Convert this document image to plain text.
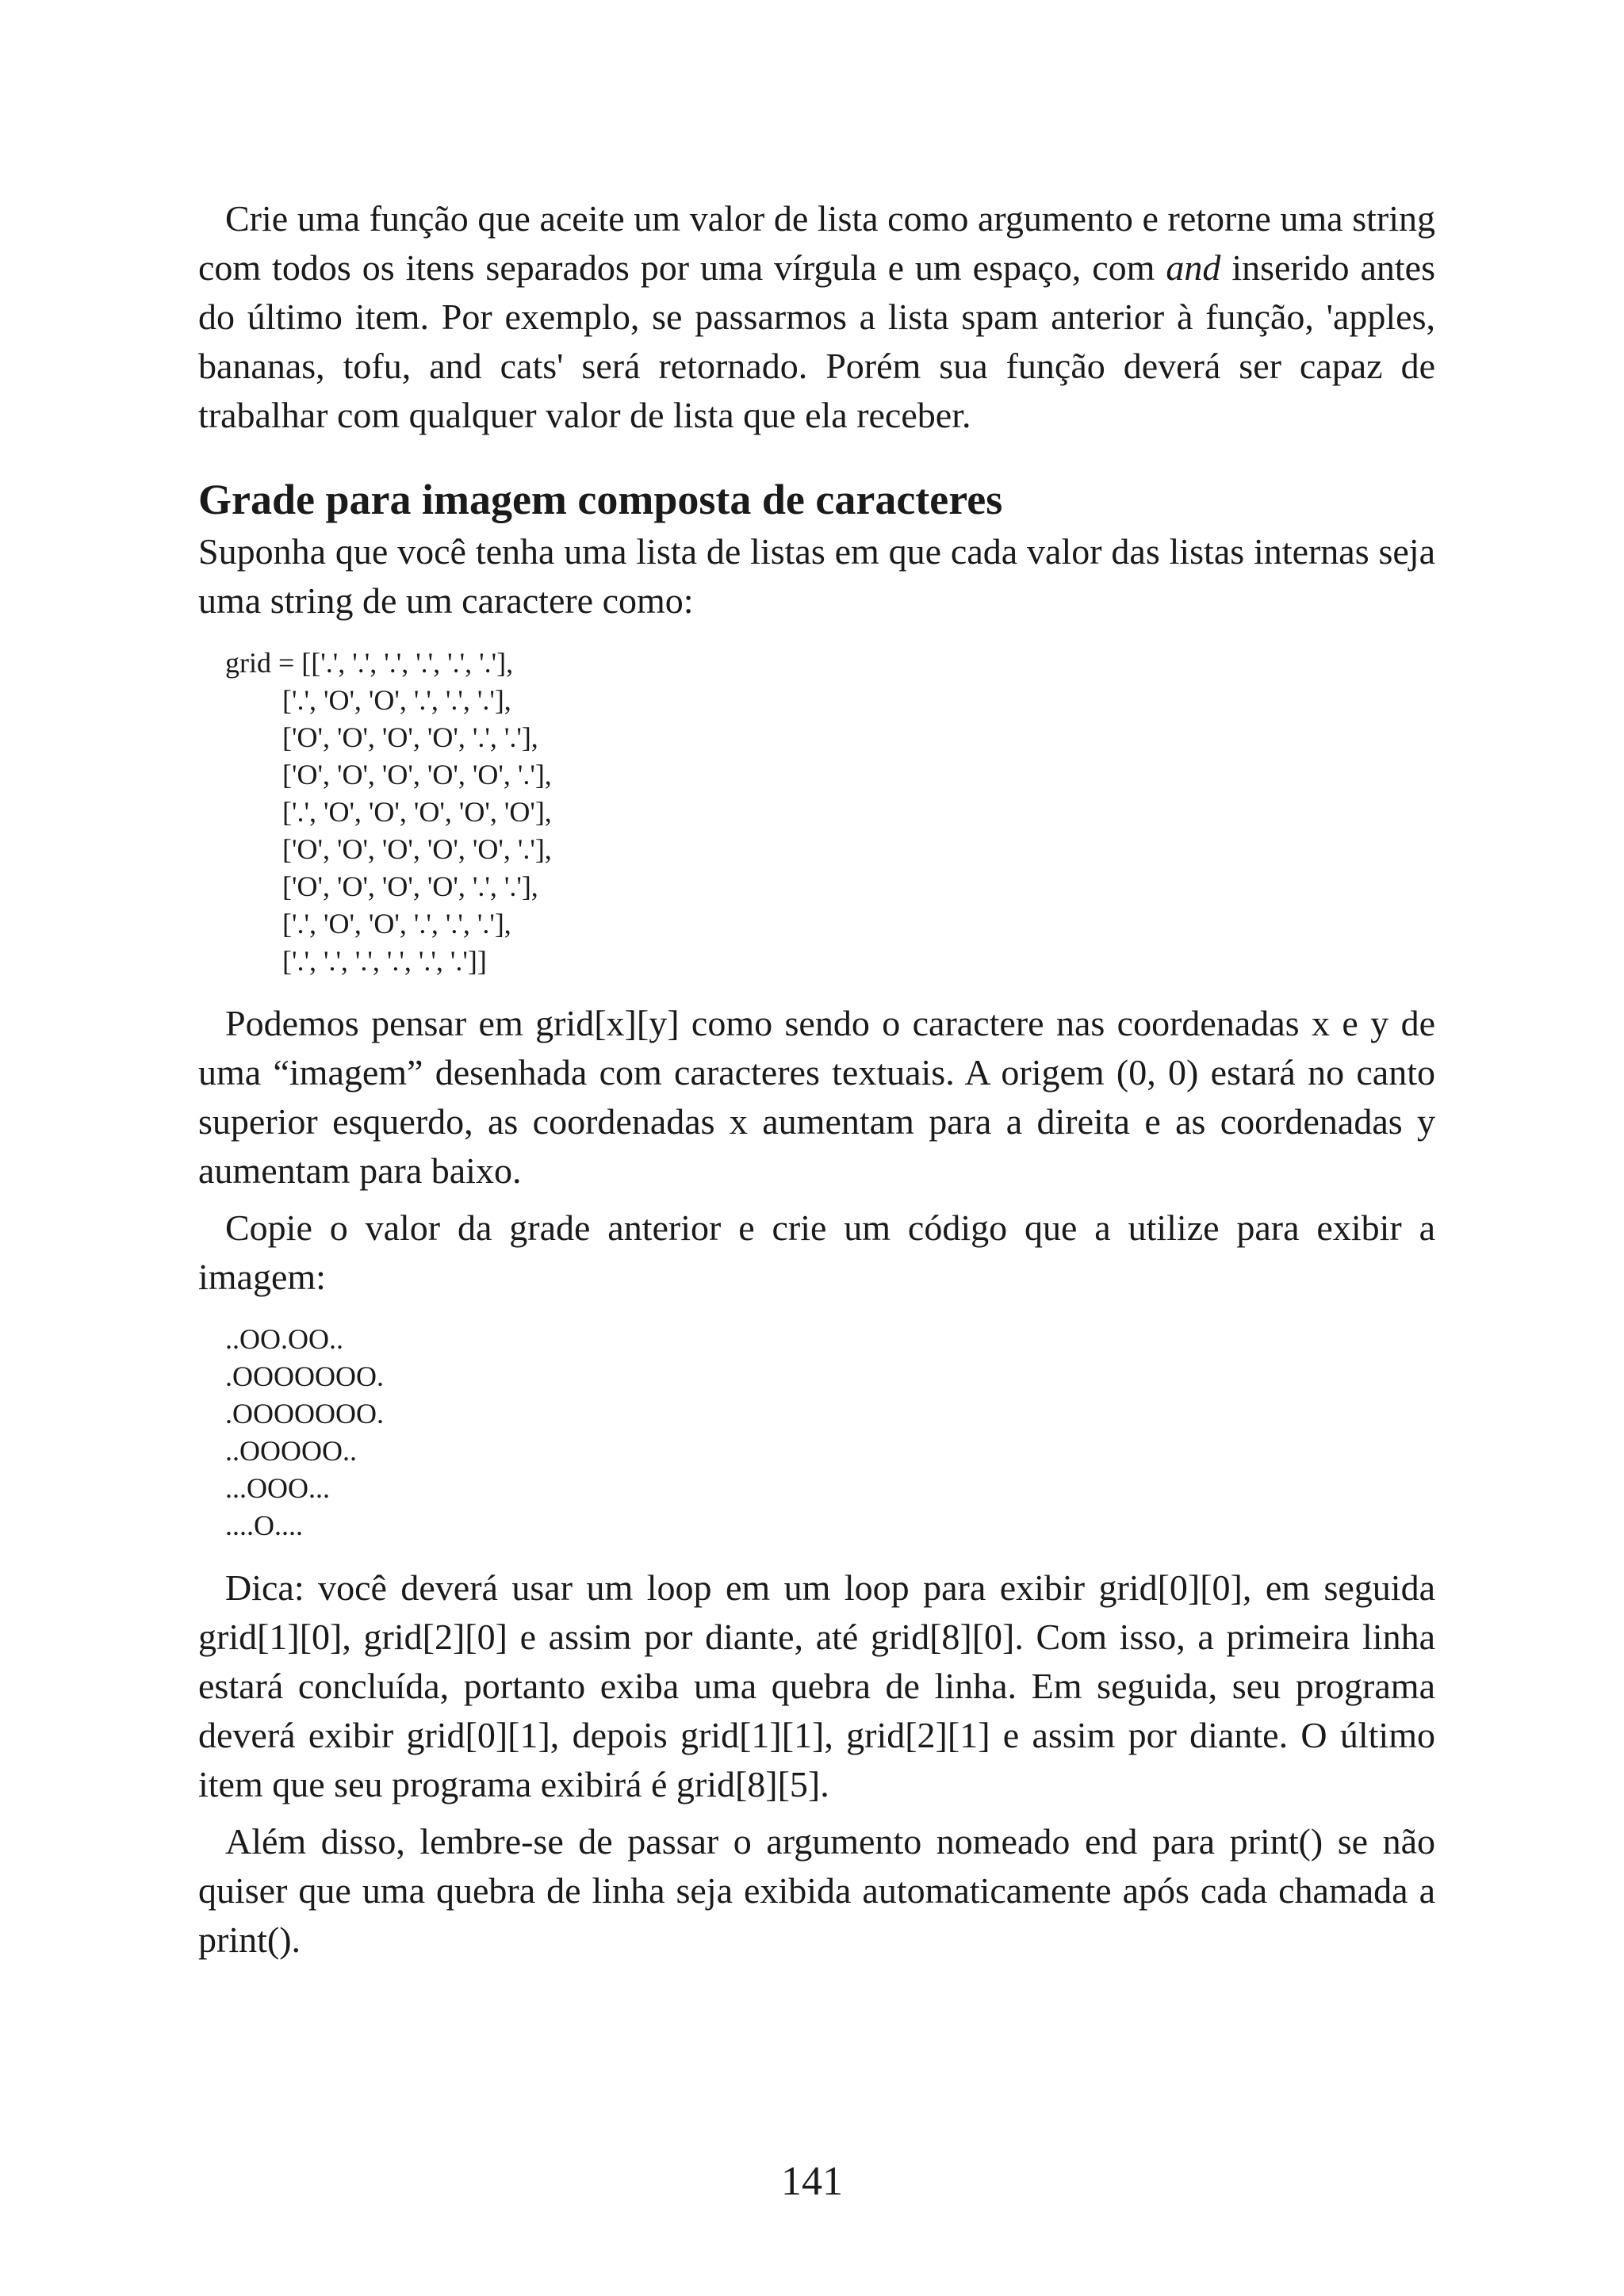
Crie uma função que aceite um valor de lista como argumento e retorne uma string com todos os itens separados por uma vírgula e um espaço, com and inserido antes do último item. Por exemplo, se passarmos a lista spam anterior à função, 'apples, bananas, tofu, and cats' será retornado. Porém sua função deverá ser capaz de trabalhar com qualquer valor de lista que ela receber.

Grade para imagem composta de caracteres

Suponha que você tenha uma lista de listas em que cada valor das listas internas seja uma string de um caractere como:

grid = [['.', '.', '.', '.', '.', '.'],
['.', 'O', 'O', '.', '.', '.'],
['O', 'O', 'O', 'O', '.', '.'],
['O', 'O', 'O', 'O', 'O', '.'],
['.', 'O', 'O', 'O', 'O', 'O'],
['O', 'O', 'O', 'O', 'O', '.'],
['O', 'O', 'O', 'O', '.', '.'],
['.', 'O', 'O', '.', '.', '.'],
['.', '.', '.', '.', '.', '.']]

Podemos pensar em grid[x][y] como sendo o caractere nas coordenadas x e y de uma “imagem” desenhada com caracteres textuais. A origem (0, 0) estará no canto superior esquerdo, as coordenadas x aumentam para a direita e as coordenadas y aumentam para baixo.

Copie o valor da grade anterior e crie um código que a utilize para exibir a imagem:

..OO.OO..
.OOOOOOO.
.OOOOOOO.
..OOOOO..
...OOO...
....O....

Dica: você deverá usar um loop em um loop para exibir grid[0][0], em seguida grid[1][0], grid[2][0] e assim por diante, até grid[8][0]. Com isso, a primeira linha estará concluída, portanto exiba uma quebra de linha. Em seguida, seu programa deverá exibir grid[0][1], depois grid[1][1], grid[2][1] e assim por diante. O último item que seu programa exibirá é grid[8][5].

Além disso, lembre-se de passar o argumento nomeado end para print() se não quiser que uma quebra de linha seja exibida automaticamente após cada chamada a print().

141
